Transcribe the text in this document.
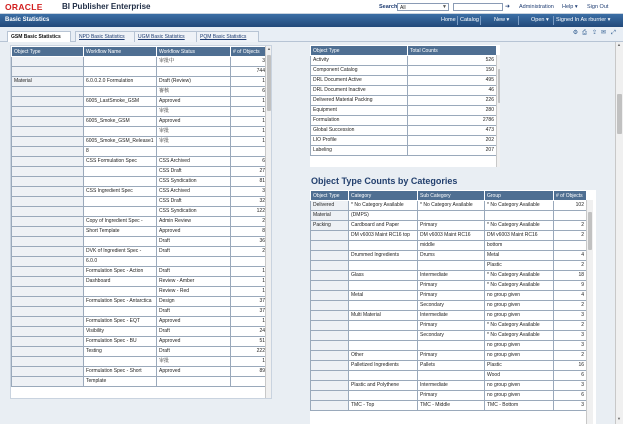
ORACLE BI Publisher Enterprise	Search All	▼	➜ Administration Help ▾ Sign Out
Basic Statistics	Home Catalog	New ▾	Open ▾ Signed In As rburrier ▾
GSM Basic Statistics	NPD Basic Statistics	UGM Basic Statistics	PQM Basic Statistics
⚙ ⎙ ⇪ ✉ ⤢
Object Type	Workflow Name	Workflow Status	# of Objects
		审批中	3
			744
Material	6.0.0.2.0 Formulation	Draft (Review)	1
		審核	6
	6005_LastSmoke_GSM	Approved	1
		审批	1
	6005_Smoke_GSM	Approved	1
		审批	1
	6005_Smoke_GSM_Release1	审批	1
	8		
	CSS Formulation Spec	CSS Archived	6
		CSS Draft	27
		CSS Syndication	81
	CSS Ingredient Spec	CSS Archived	3
		CSS Draft	32
		CSS Syndication	122
	Copy of Ingredient Spec -	Admin Review	2
	Short Template	Approved	8
		Draft	36
	DVK of Ingredient Spec -	Draft	2
	6.0.0		
	Formulation Spec - Action	Draft	1
	Dashboard	Review - Amber	1
		Review - Red	1
	Formulation Spec - Antarctica	Design	37
		Draft	37
	Formulation Spec - EQT	Approved	1
	Visibility	Draft	24
	Formulation Spec - BU	Approved	51
	Testing	Draft	222
		审批	1
	Formulation Spec - Short	Approved	89
	Template		
▲	Object Type	Total Counts
Activity	526
Component Catalog	150
DRL Document Active	495
DRL Document Inactive	46
Delivered Material Packing	226
Equipment	280
Formulation	2786
Global Succession	473
LIO Profile	202
Labeling	207
Object Type Counts by Categories
Object Type	Category	Sub Category	Group	# of Objects
Delivered	* No Category Available	* No Category Available	* No Category Available	102
Material	(DMPS)			
Packing	Cardboard and Paper	Primary	* No Category Available	2
	DM v6003 Maint RC16 top	DM v6003 Maint RC16	DM v6003 Maint RC16	2
		middle	bottom	
	Drummed Ingredients	Drums	Metal	4
			Plastic	2
	Glass	Intermediate	* No Category Available	18
		Primary	* No Category Available	9
	Metal	Primary	no group given	4
		Secondary	no group given	2
	Multi Material	Intermediate	no group given	3
		Primary	* No Category Available	2
		Secondary	* No Category Available	3
			no group given	3
	Other	Primary	no group given	2
	Palletized Ingredients	Pallets	Plastic	16
			Wood	6
	Plastic and Polythene	Intermediate	no group given	3
		Primary	no group given	6
	TMC - Top	TMC - Middle	TMC - Bottom	3
▲
▼
